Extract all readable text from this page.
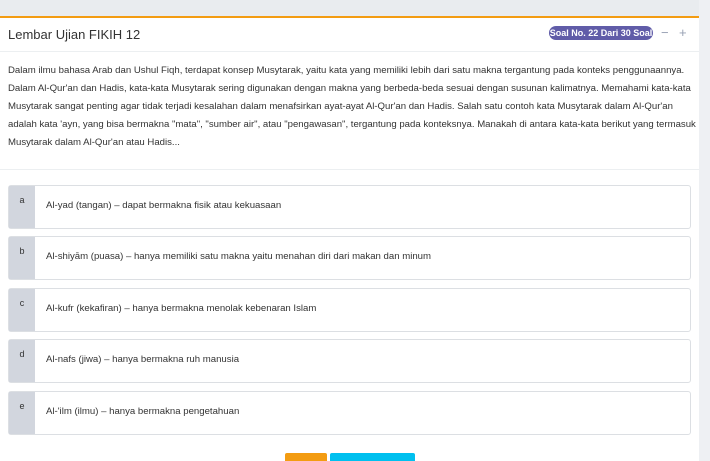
Lembar Ujian FIKIH 12	Soal No. 22 Dari 30 Soal − +
Dalam ilmu bahasa Arab dan Ushul Fiqh, terdapat konsep Musytarak, yaitu kata yang memiliki lebih dari satu makna tergantung pada konteks penggunaannya. Dalam Al-Qur'an dan Hadis, kata-kata Musytarak sering digunakan dengan makna yang berbeda-beda sesuai dengan susunan kalimatnya. Memahami kata-kata Musytarak sangat penting agar tidak terjadi kesalahan dalam menafsirkan ayat-ayat Al-Qur'an dan Hadis. Salah satu contoh kata Musytarak dalam Al-Qur'an adalah kata 'ayn, yang bisa bermakna "mata", "sumber air", atau "pengawasan", tergantung pada konteksnya. Manakah di antara kata-kata berikut yang termasuk Musytarak dalam Al-Qur'an atau Hadis...
a	Al-yad (tangan) – dapat bermakna fisik atau kekuasaan
b	Al-shiyām (puasa) – hanya memiliki satu makna yaitu menahan diri dari makan dan minum
c	Al-kufr (kekafiran) – hanya bermakna menolak kebenaran Islam
d	Al-nafs (jiwa) – hanya bermakna ruh manusia
e	Al-'ilm (ilmu) – hanya bermakna pengetahuan
